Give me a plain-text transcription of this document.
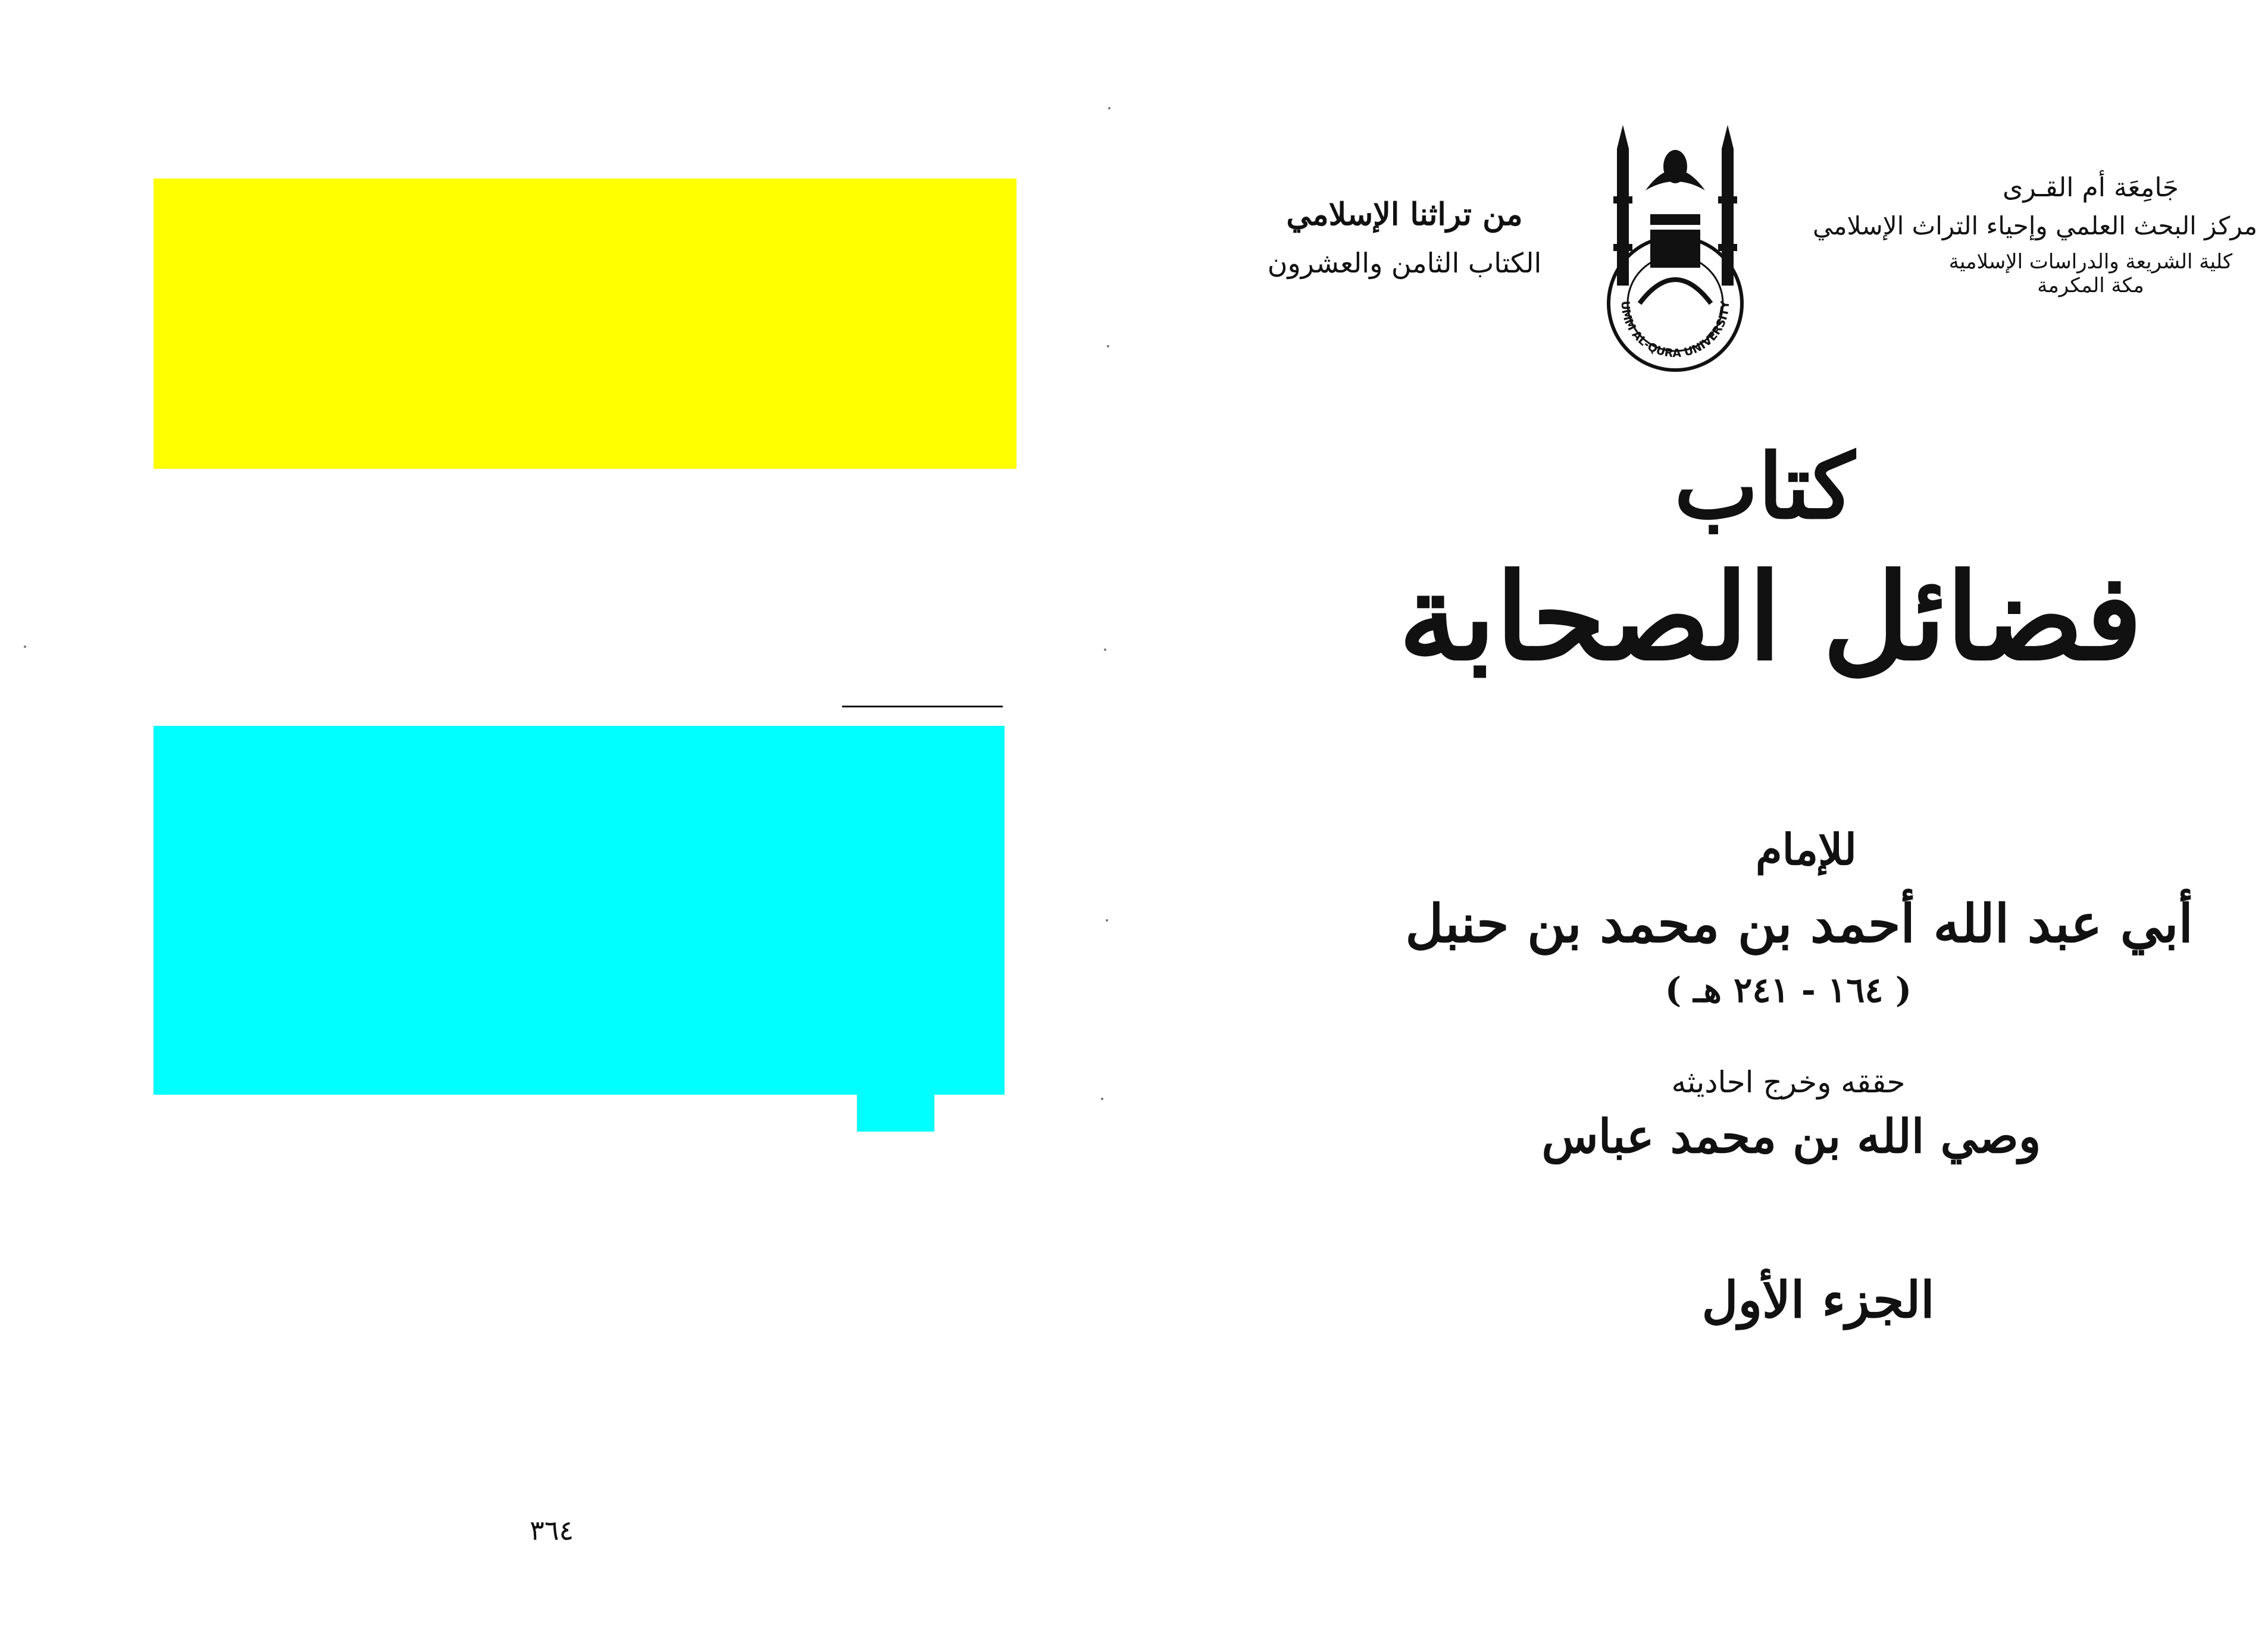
٣٦٤
جَامِعَة أم القـرى
مركز البحث العلمي وإحياء التراث الإسلامي
كلية الشريعة والدراسات الإسلامية
مكة المكرمة
UMM AL-QURA UNIVERSITY
من تراثنا الإسلامي
الكتاب الثامن والعشرون
كتاب
فضائل الصحابة
للإمام
أبي عبد الله أحمد بن محمد بن حنبل
( ١٦٤ - ٢٤١ هـ )
حققه وخرج احاديثه
وصي الله بن محمد عباس
الجزء الأول
